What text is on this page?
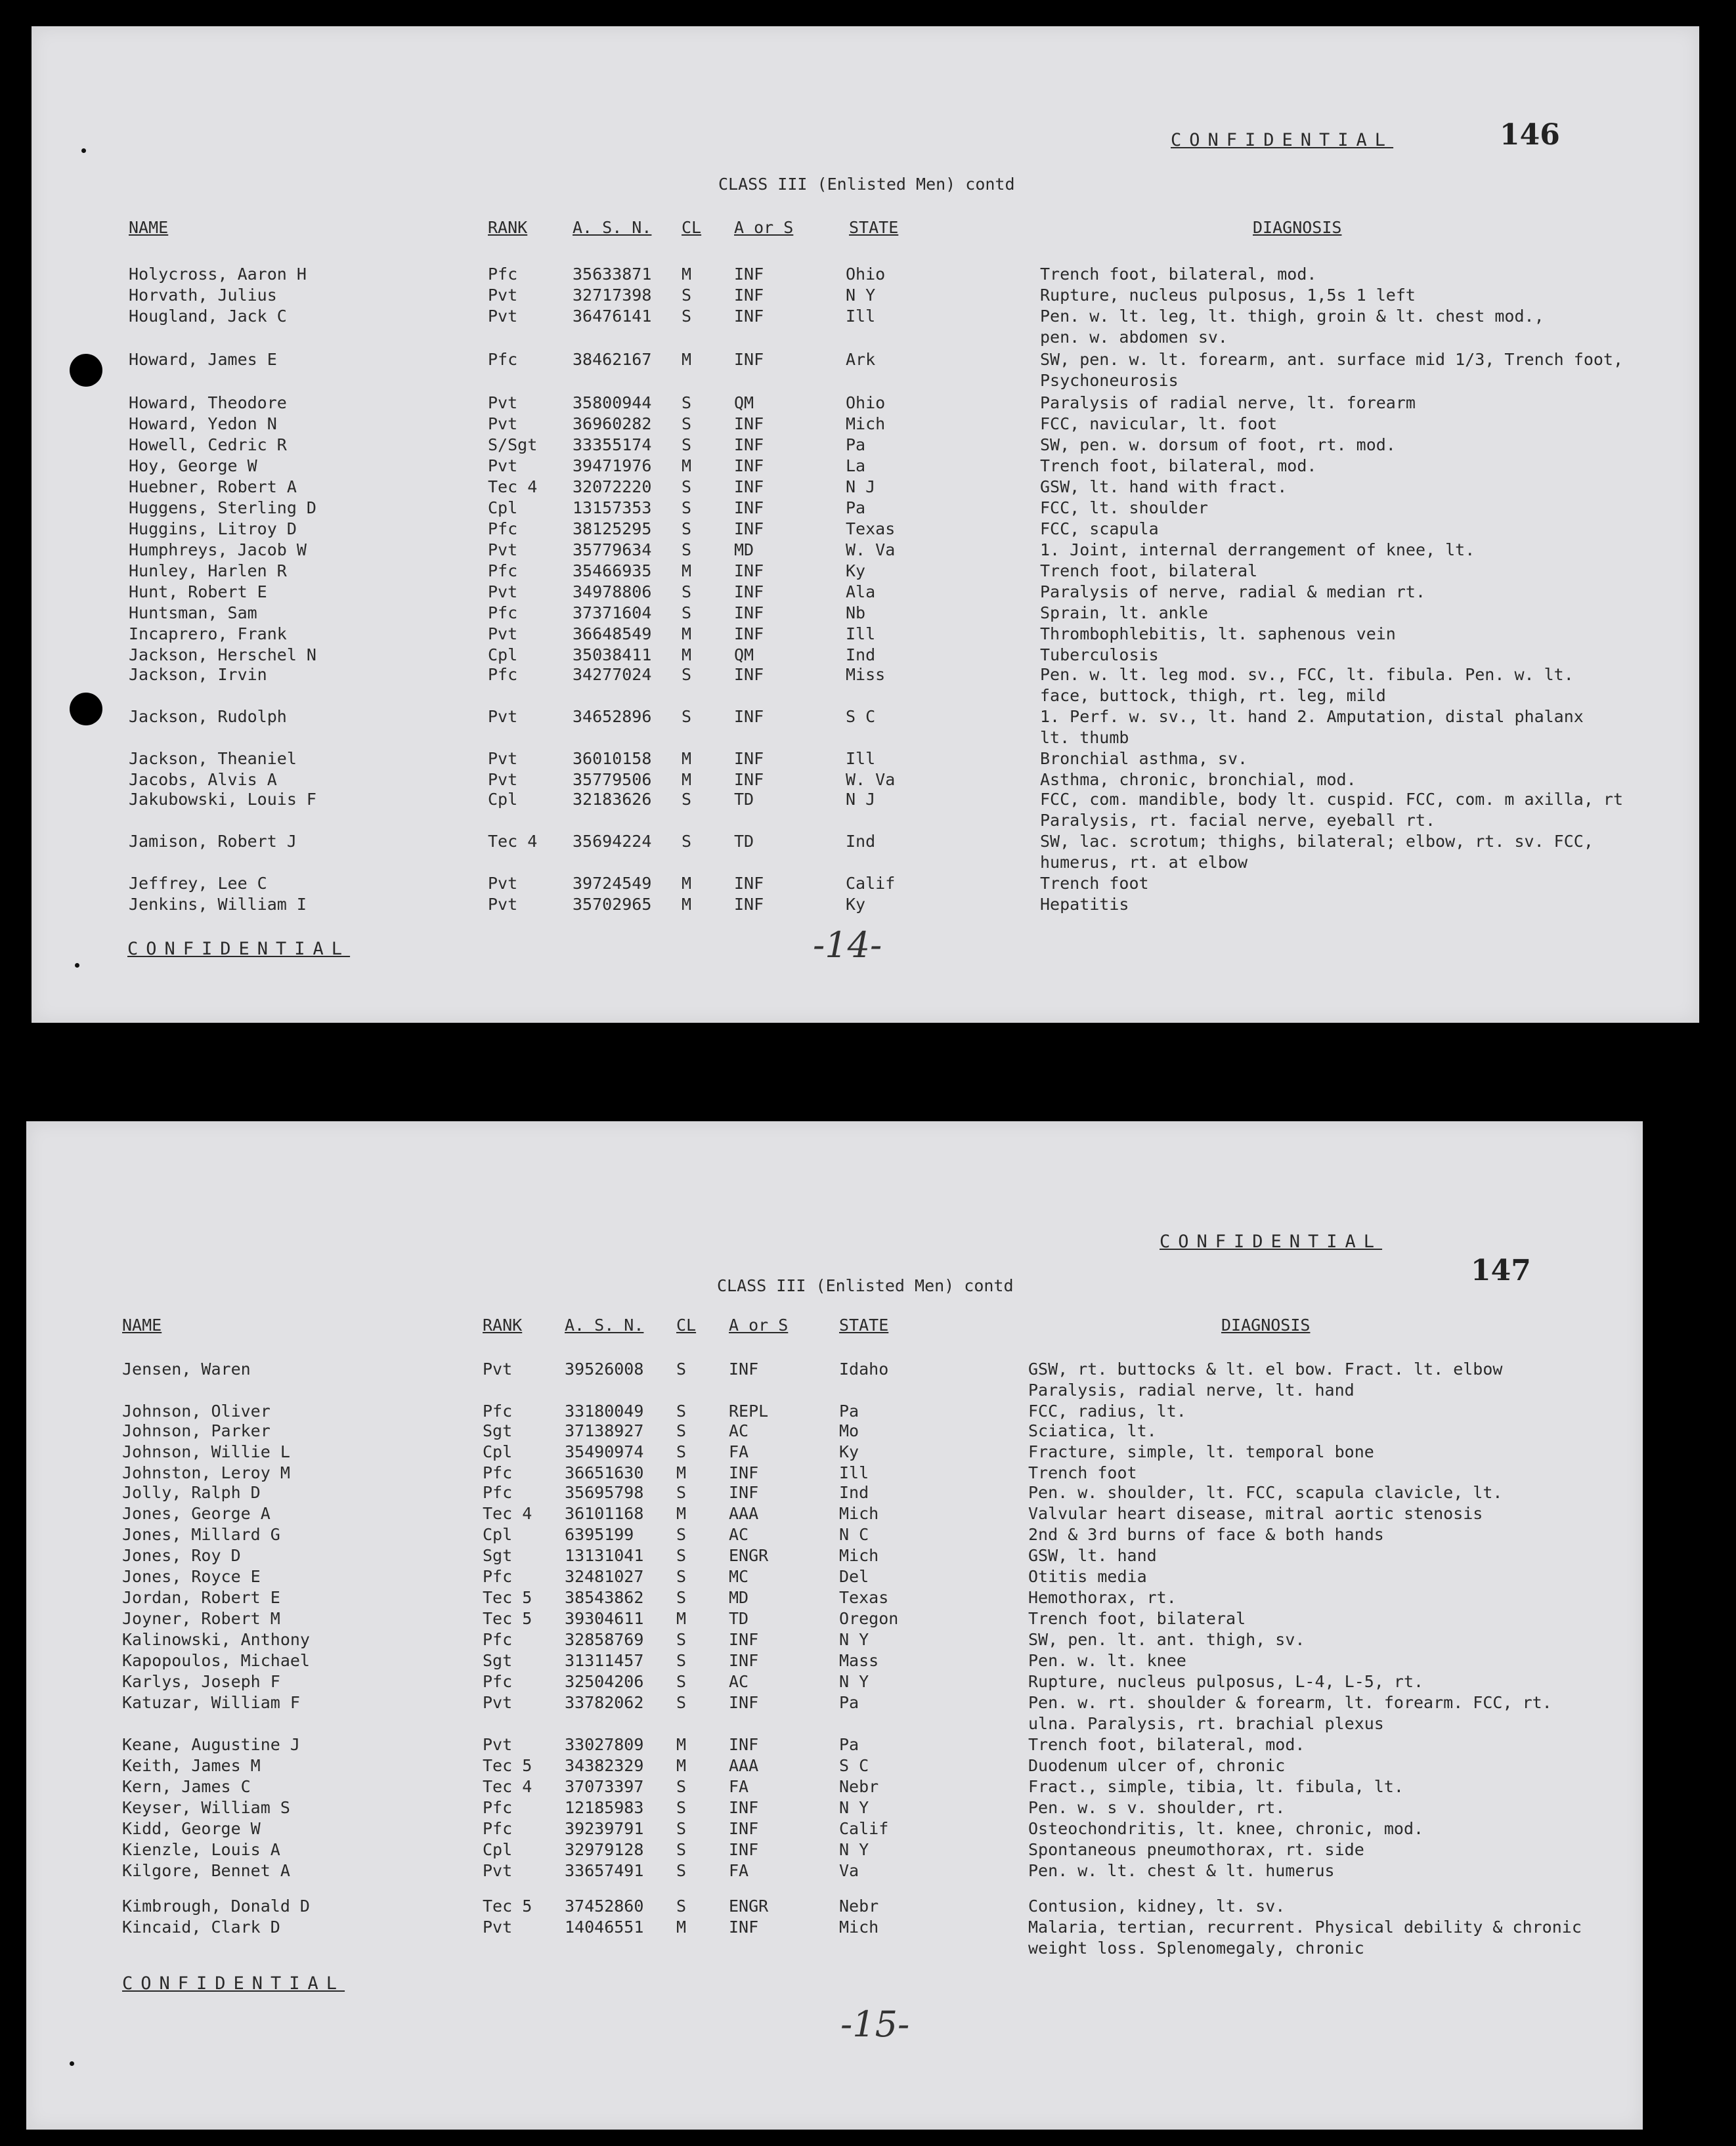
CONFIDENTIAL	146
CLASS III (Enlisted Men) contd
NAME	RANK	A. S. N. CL A or S	STATE	DIAGNOSIS
Holycross, Aaron H	Pfc	35633871 M	INF	Ohio	Trench foot, bilateral, mod.
Horvath, Julius	Pvt	32717398 S	INF	N Y	Rupture, nucleus pulposus, 1,5s 1 left
Hougland, Jack C	Pvt	36476141 S	INF	Ill	Pen. w. lt. leg, lt. thigh, groin & lt. chest mod.,
pen. w. abdomen sv.
Howard, James E	Pfc	38462167 M	INF	Ark	SW, pen. w. lt. forearm, ant. surface mid 1/3, Trench foot,
Psychoneurosis
Howard, Theodore	Pvt	35800944 S	QM	Ohio	Paralysis of radial nerve, lt. forearm
Howard, Yedon N	Pvt	36960282 S	INF	Mich	FCC, navicular, lt. foot
Howell, Cedric R	S/Sgt 33355174 S	INF	Pa	SW, pen. w. dorsum of foot, rt. mod.
Hoy, George W	Pvt	39471976 M	INF	La	Trench foot, bilateral, mod.
Huebner, Robert A	Tec 4 32072220 S	INF	N J	GSW, lt. hand with fract.
Huggens, Sterling D	Cpl	13157353 S	INF	Pa	FCC, lt. shoulder
Huggins, Litroy D	Pfc	38125295 S	INF	Texas	FCC, scapula
Humphreys, Jacob W	Pvt	35779634 S	MD	W. Va	1. Joint, internal derrangement of knee, lt.
Hunley, Harlen R	Pfc	35466935 M	INF	Ky	Trench foot, bilateral
Hunt, Robert E	Pvt	34978806 S	INF	Ala	Paralysis of nerve, radial & median rt.
Huntsman, Sam	Pfc	37371604 S	INF	Nb	Sprain, lt. ankle
Incaprero, Frank	Pvt	36648549 M	INF	Ill	Thrombophlebitis, lt. saphenous vein
Jackson, Herschel N	Cpl	35038411 M	QM	Ind	Tuberculosis
Jackson, Irvin	Pfc	34277024 S	INF	Miss	Pen. w. lt. leg mod. sv., FCC, lt. fibula. Pen. w. lt.
face, buttock, thigh, rt. leg, mild
Jackson, Rudolph	Pvt	34652896 S	INF	S C	1. Perf. w. sv., lt. hand 2. Amputation, distal phalanx
lt. thumb
Jackson, Theaniel	Pvt	36010158 M	INF	Ill	Bronchial asthma, sv.
Jacobs, Alvis A	Pvt	35779506 M	INF	W. Va	Asthma, chronic, bronchial, mod.
Jakubowski, Louis F	Cpl	32183626 S	TD	N J	FCC, com. mandible, body lt. cuspid. FCC, com. m axilla, rt
Paralysis, rt. facial nerve, eyeball rt.
Jamison, Robert J	Tec 4 35694224 S	TD	Ind	SW, lac. scrotum; thighs, bilateral; elbow, rt. sv. FCC,
humerus, rt. at elbow
Jeffrey, Lee C	Pvt	39724549 M	INF	Calif	Trench foot
Jenkins, William I	Pvt	35702965 M	INF	Ky	Hepatitis
CONFIDENTIAL	-14-
CONFIDENTIAL
147
CLASS III (Enlisted Men) contd
NAME	RANK	A. S. N. CL A or S	STATE	DIAGNOSIS
Jensen, Waren	Pvt	39526008 S	INF	Idaho	GSW, rt. buttocks & lt. el bow. Fract. lt. elbow
Paralysis, radial nerve, lt. hand
Johnson, Oliver	Pfc	33180049 S	REPL	Pa	FCC, radius, lt.
Johnson, Parker	Sgt	37138927 S	AC	Mo	Sciatica, lt.
Johnson, Willie L	Cpl	35490974 S	FA	Ky	Fracture, simple, lt. temporal bone
Johnston, Leroy M	Pfc	36651630 M	INF	Ill	Trench foot
Jolly, Ralph D	Pfc	35695798 S	INF	Ind	Pen. w. shoulder, lt. FCC, scapula clavicle, lt.
Jones, George A	Tec 4 36101168 M	AAA	Mich	Valvular heart disease, mitral aortic stenosis
Jones, Millard G	Cpl	6395199	S	AC	N C	2nd & 3rd burns of face & both hands
Jones, Roy D	Sgt	13131041 S	ENGR	Mich	GSW, lt. hand
Jones, Royce E	Pfc	32481027 S	MC	Del	Otitis media
Jordan, Robert E	Tec 5 38543862 S	MD	Texas	Hemothorax, rt.
Joyner, Robert M	Tec 5 39304611 M	TD	Oregon	Trench foot, bilateral
Kalinowski, Anthony	Pfc	32858769 S	INF	N Y	SW, pen. lt. ant. thigh, sv.
Kapopoulos, Michael	Sgt	31311457 S	INF	Mass	Pen. w. lt. knee
Karlys, Joseph F	Pfc	32504206 S	AC	N Y	Rupture, nucleus pulposus, L-4, L-5, rt.
Katuzar, William F	Pvt	33782062 S	INF	Pa	Pen. w. rt. shoulder & forearm, lt. forearm. FCC, rt.
ulna. Paralysis, rt. brachial plexus
Keane, Augustine J	Pvt	33027809 M	INF	Pa	Trench foot, bilateral, mod.
Keith, James M	Tec 5 34382329 M	AAA	S C	Duodenum ulcer of, chronic
Kern, James C	Tec 4 37073397 S	FA	Nebr	Fract., simple, tibia, lt. fibula, lt.
Keyser, William S	Pfc	12185983 S	INF	N Y	Pen. w. s v. shoulder, rt.
Kidd, George W	Pfc	39239791 S	INF	Calif	Osteochondritis, lt. knee, chronic, mod.
Kienzle, Louis A	Cpl	32979128 S	INF	N Y	Spontaneous pneumothorax, rt. side
Kilgore, Bennet A	Pvt	33657491 S	FA	Va	Pen. w. lt. chest & lt. humerus
Kimbrough, Donald D	Tec 5 37452860 S	ENGR	Nebr	Contusion, kidney, lt. sv.
Kincaid, Clark D	Pvt	14046551 M	INF	Mich	Malaria, tertian, recurrent. Physical debility & chronic
weight loss. Splenomegaly, chronic
CONFIDENTIAL
-15-
